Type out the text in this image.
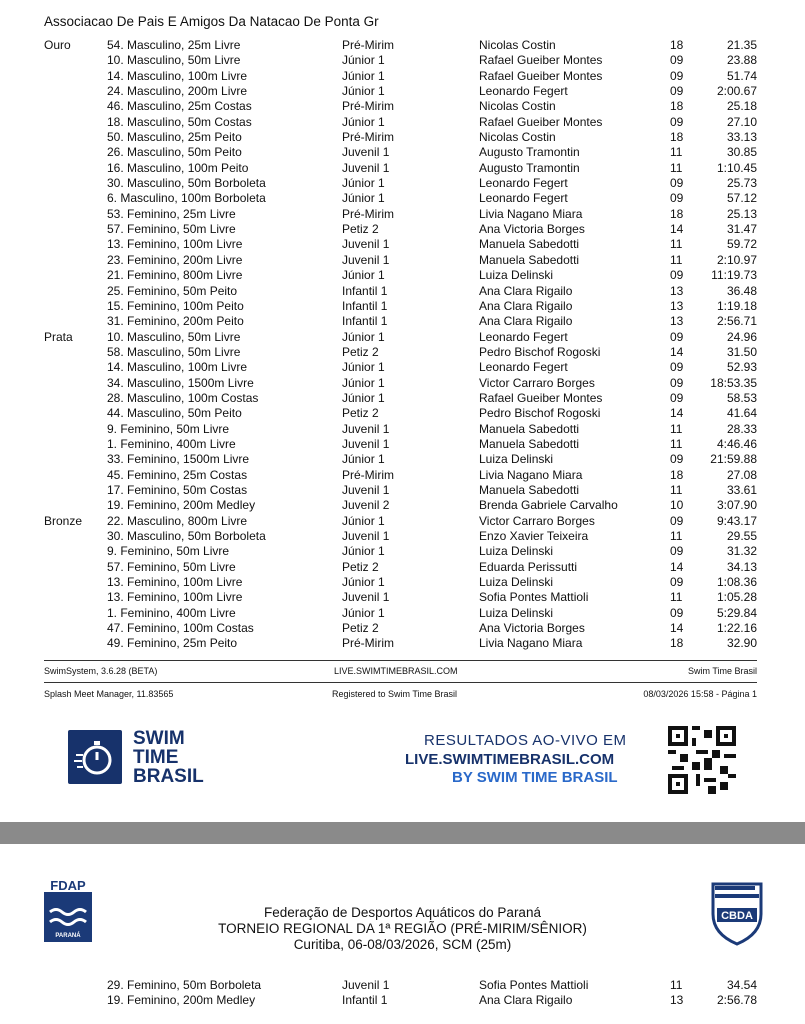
Associacao De Pais E Amigos Da Natacao De Ponta Gr
Ouro	54. Masculino, 25m Livre	Pré-Mirim	Nicolas Costin	18	21.35
10. Masculino, 50m Livre	Júnior 1	Rafael Gueiber Montes	09	23.88
14. Masculino, 100m Livre	Júnior 1	Rafael Gueiber Montes	09	51.74
24. Masculino, 200m Livre	Júnior 1	Leonardo Fegert	09	2:00.67
46. Masculino, 25m Costas	Pré-Mirim	Nicolas Costin	18	25.18
18. Masculino, 50m Costas	Júnior 1	Rafael Gueiber Montes	09	27.10
50. Masculino, 25m Peito	Pré-Mirim	Nicolas Costin	18	33.13
26. Masculino, 50m Peito	Juvenil 1	Augusto Tramontin	11	30.85
16. Masculino, 100m Peito	Juvenil 1	Augusto Tramontin	11	1:10.45
30. Masculino, 50m Borboleta	Júnior 1	Leonardo Fegert	09	25.73
6. Masculino, 100m Borboleta	Júnior 1	Leonardo Fegert	09	57.12
53. Feminino, 25m Livre	Pré-Mirim	Livia Nagano Miara	18	25.13
57. Feminino, 50m Livre	Petiz 2	Ana Victoria Borges	14	31.47
13. Feminino, 100m Livre	Juvenil 1	Manuela Sabedotti	11	59.72
23. Feminino, 200m Livre	Juvenil 1	Manuela Sabedotti	11	2:10.97
21. Feminino, 800m Livre	Júnior 1	Luiza Delinski	09 11:19.73
25. Feminino, 50m Peito	Infantil 1	Ana Clara Rigailo	13	36.48
15. Feminino, 100m Peito	Infantil 1	Ana Clara Rigailo	13	1:19.18
31. Feminino, 200m Peito	Infantil 1	Ana Clara Rigailo	13	2:56.71
Prata	10. Masculino, 50m Livre	Júnior 1	Leonardo Fegert	09	24.96
58. Masculino, 50m Livre	Petiz 2	Pedro Bischof Rogoski	14	31.50
14. Masculino, 100m Livre	Júnior 1	Leonardo Fegert	09	52.93
34. Masculino, 1500m Livre	Júnior 1	Victor Carraro Borges	09 18:53.35
28. Masculino, 100m Costas	Júnior 1	Rafael Gueiber Montes	09	58.53
44. Masculino, 50m Peito	Petiz 2	Pedro Bischof Rogoski	14	41.64
9. Feminino, 50m Livre	Juvenil 1	Manuela Sabedotti	11	28.33
1. Feminino, 400m Livre	Juvenil 1	Manuela Sabedotti	11	4:46.46
33. Feminino, 1500m Livre	Júnior 1	Luiza Delinski	09 21:59.88
45. Feminino, 25m Costas	Pré-Mirim	Livia Nagano Miara	18	27.08
17. Feminino, 50m Costas	Juvenil 1	Manuela Sabedotti	11	33.61
19. Feminino, 200m Medley	Juvenil 2	Brenda Gabriele Carvalho	10	3:07.90
Bronze 22. Masculino, 800m Livre	Júnior 1	Victor Carraro Borges	09	9:43.17
30. Masculino, 50m Borboleta	Juvenil 1	Enzo Xavier Teixeira	11	29.55
9. Feminino, 50m Livre	Júnior 1	Luiza Delinski	09	31.32
57. Feminino, 50m Livre	Petiz 2	Eduarda Perissutti	14	34.13
13. Feminino, 100m Livre	Júnior 1	Luiza Delinski	09	1:08.36
13. Feminino, 100m Livre	Juvenil 1	Sofia Pontes Mattioli	11	1:05.28
1. Feminino, 400m Livre	Júnior 1	Luiza Delinski	09	5:29.84
47. Feminino, 100m Costas	Petiz 2	Ana Victoria Borges	14	1:22.16
49. Feminino, 25m Peito	Pré-Mirim	Livia Nagano Miara	18	32.90
SwimSystem, 3.6.28 (BETA)	LIVE.SWIMTIMEBRASIL.COM	Swim Time Brasil
Splash Meet Manager, 11.83565	Registered to Swim Time Brasil	08/03/2026 15:58 - Página 1
SWIM
TIME
BRASIL
RESULTADOS AO-VIVO EM
LIVE.SWIMTIMEBRASIL.COM
BY SWIM TIME BRASIL
FDAP
PARANÁ
CBDA
Federação de Desportos Aquáticos do Paraná
TORNEIO REGIONAL DA 1ª REGIÃO (PRÉ-MIRIM/SÊNIOR)
Curitiba, 06-08/03/2026, SCM (25m)
29. Feminino, 50m Borboleta	Juvenil 1	Sofia Pontes Mattioli	11	34.54
19. Feminino, 200m Medley	Infantil 1	Ana Clara Rigailo	13	2:56.78
